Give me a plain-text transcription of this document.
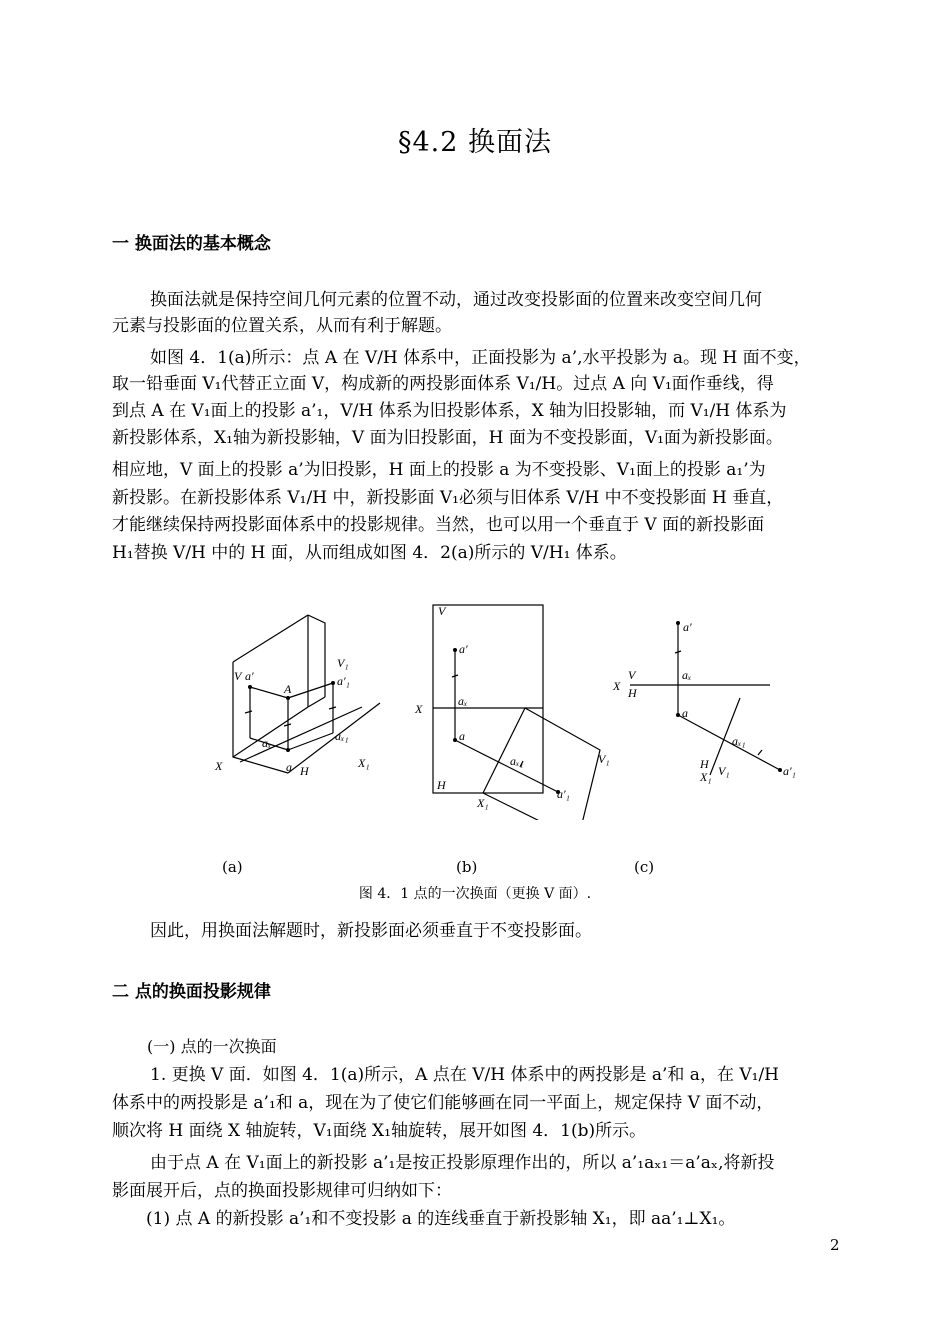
§4.2 换面法
一 换面法的基本概念
换面法就是保持空间几何元素的位置不动，通过改变投影面的位置来改变空间几何
元素与投影面的位置关系，从而有利于解题。
如图 4．1(a)所示：点 A 在 V/H 体系中，正面投影为 a’,水平投影为 a。现 H 面不变，
取一铅垂面 V₁代替正立面 V，构成新的两投影面体系 V₁/H。过点 A 向 V₁面作垂线，得
到点 A 在 V₁面上的投影 a’₁，V/H 体系为旧投影体系，X 轴为旧投影轴，而 V₁/H 体系为
新投影体系，X₁轴为新投影轴，V 面为旧投影面，H 面为不变投影面，V₁面为新投影面。
相应地，V 面上的投影 a’为旧投影，H 面上的投影 a 为不变投影、V₁面上的投影 a₁’为
新投影。在新投影体系 V₁/H 中，新投影面 V₁必须与旧体系 V/H 中不变投影面 H 垂直，
才能继续保持两投影面体系中的投影规律。当然，也可以用一个垂直于 V 面的新投影面
H₁替换 V/H 中的 H 面，从而组成如图 4．2(a)所示的 V/H₁ 体系。
V a′
A
V₁
a′₁
aₓ	aₓ₁
X	a H
X₁
V
a′
X
aₓ
a
aₓ₁	V₁
H
a′₁
X₁
a′
V	aₓ
X H
a
aₓ₁
H V₁
X₁	a′₁
(a)	(b)	(c)
图 4．1 点的一次换面（更换 V 面）.
因此，用换面法解题时，新投影面必须垂直于不变投影面。
二 点的换面投影规律
(一) 点的一次换面
1. 更换 V 面．如图 4．1(a)所示，A 点在 V/H 体系中的两投影是 a’和 a，在 V₁/H
体系中的两投影是 a’₁和 a，现在为了使它们能够画在同一平面上，规定保持 V 面不动，
顺次将 H 面绕 X 轴旋转，V₁面绕 X₁轴旋转，展开如图 4．1(b)所示。
由于点 A 在 V₁面上的新投影 a’₁是按正投影原理作出的，所以 a’₁aₓ₁＝a’aₓ,将新投
影面展开后，点的换面投影规律可归纳如下：
(1) 点 A 的新投影 a’₁和不变投影 a 的连线垂直于新投影轴 X₁，即 aa’₁⊥X₁。
2
